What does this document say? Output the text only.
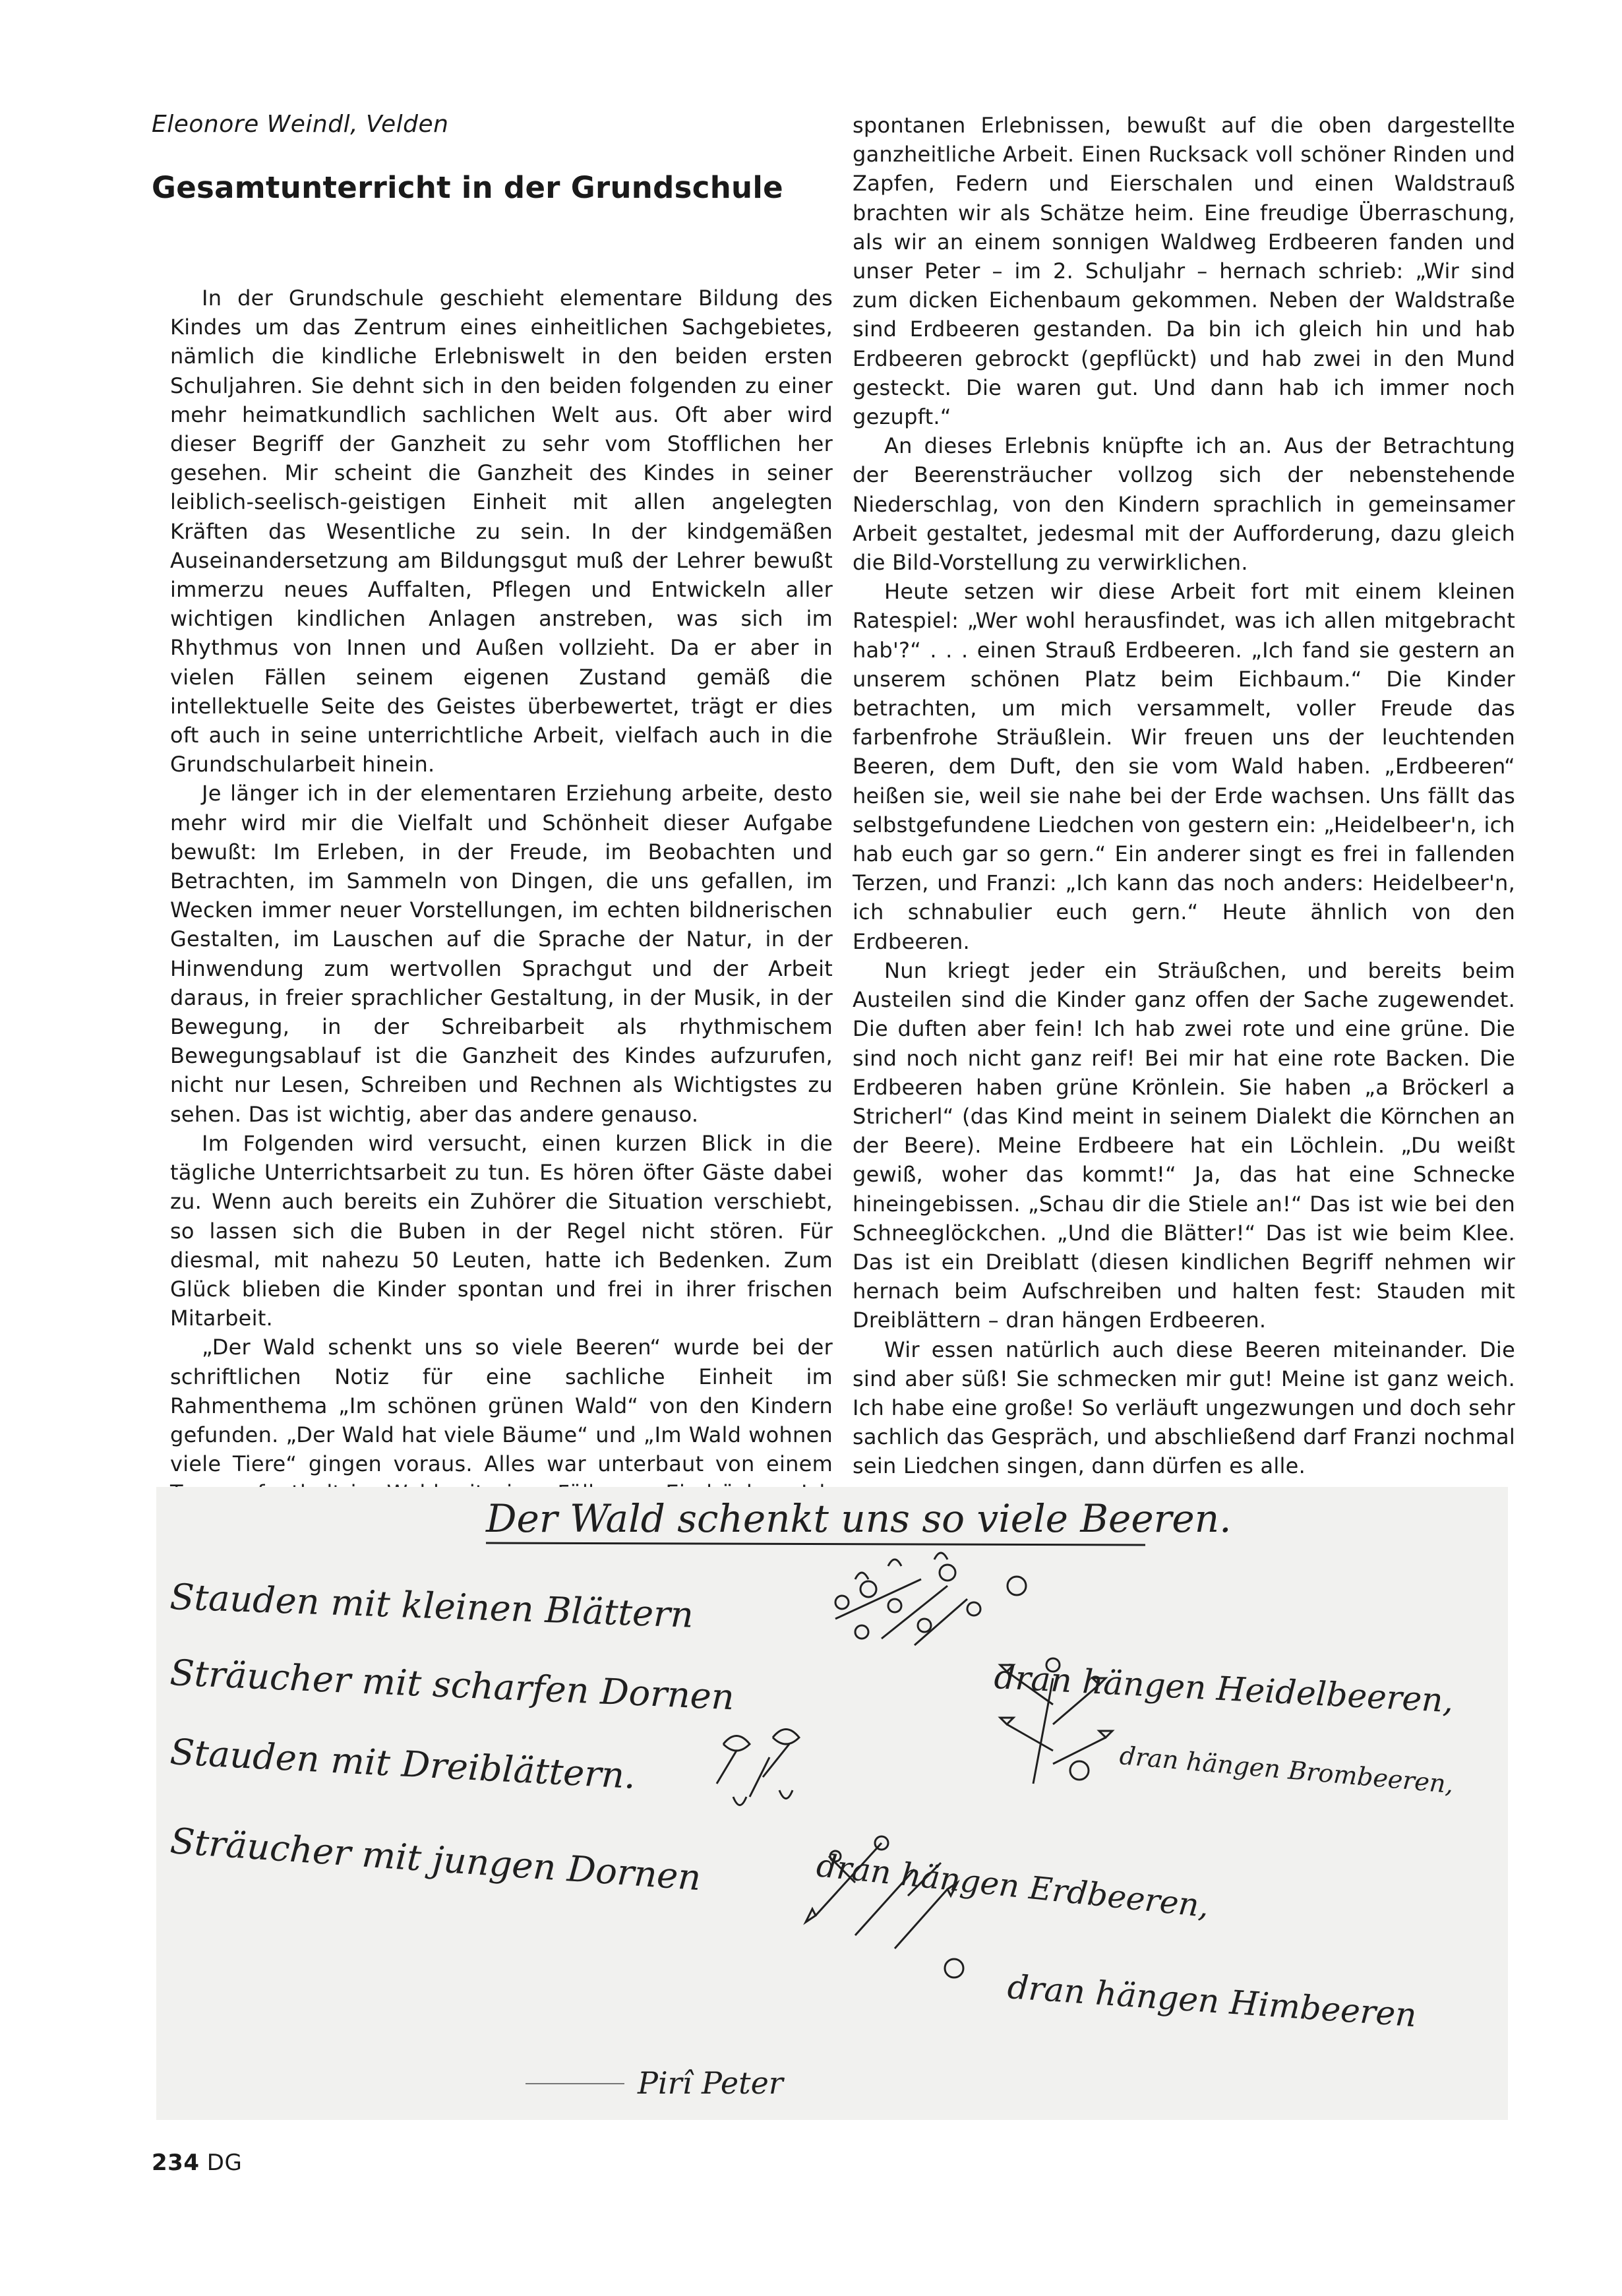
Eleonore Weindl, Velden
Gesamtunterricht in der Grundschule

In der Grundschule geschieht elementare Bildung des Kindes um das Zentrum eines einheitlichen Sachgebietes, nämlich die kindliche Erlebniswelt in den beiden ersten Schuljahren. Sie dehnt sich in den beiden folgenden zu einer mehr heimatkundlich sachlichen Welt aus. Oft aber wird dieser Begriff der Ganzheit zu sehr vom Stofflichen her gesehen. Mir scheint die Ganzheit des Kindes in seiner leiblich-seelisch-geistigen Einheit mit allen angelegten Kräften das Wesentliche zu sein. In der kindgemäßen Auseinandersetzung am Bildungsgut muß der Lehrer bewußt immerzu neues Auffalten, Pflegen und Entwickeln aller wichtigen kindlichen Anlagen anstreben, was sich im Rhythmus von Innen und Außen vollzieht. Da er aber in vielen Fällen seinem eigenen Zustand gemäß die intellektuelle Seite des Geistes überbewertet, trägt er dies oft auch in seine unterrichtliche Arbeit, vielfach auch in die Grundschularbeit hinein.

Je länger ich in der elementaren Erziehung arbeite, desto mehr wird mir die Vielfalt und Schönheit dieser Aufgabe bewußt: Im Erleben, in der Freude, im Beobachten und Betrachten, im Sammeln von Dingen, die uns gefallen, im Wecken immer neuer Vorstellungen, im echten bildnerischen Gestalten, im Lauschen auf die Sprache der Natur, in der Hinwendung zum wertvollen Sprachgut und der Arbeit daraus, in freier sprachlicher Gestaltung, in der Musik, in der Bewegung, in der Schreibarbeit als rhythmischem Bewegungsablauf ist die Ganzheit des Kindes aufzurufen, nicht nur Lesen, Schreiben und Rechnen als Wichtigstes zu sehen. Das ist wichtig, aber das andere genauso.

Im Folgenden wird versucht, einen kurzen Blick in die tägliche Unterrichtsarbeit zu tun. Es hören öfter Gäste dabei zu. Wenn auch bereits ein Zuhörer die Situation verschiebt, so lassen sich die Buben in der Regel nicht stören. Für diesmal, mit nahezu 50 Leuten, hatte ich Bedenken. Zum Glück blieben die Kinder spontan und frei in ihrer frischen Mitarbeit.

„Der Wald schenkt uns so viele Beeren“ wurde bei der schriftlichen Notiz für eine sachliche Einheit im Rahmenthema „Im schönen grünen Wald“ von den Kindern gefunden. „Der Wald hat viele Bäume“ und „Im Wald wohnen viele Tiere“ gingen voraus. Alles war unterbaut von einem

spontanen Erlebnissen, bewußt auf die oben dargestellte ganzheitliche Arbeit. Einen Rucksack voll schöner Rinden und Zapfen, Federn und Eierschalen und einen Waldstrauß brachten wir als Schätze heim. Eine freudige Überraschung, als wir an einem sonnigen Waldweg Erdbeeren fanden und unser Peter – im 2. Schuljahr – hernach schrieb: „Wir sind zum dicken Eichenbaum gekommen. Neben der Waldstraße sind Erdbeeren gestanden. Da bin ich gleich hin und hab Erdbeeren gebrockt (gepflückt) und hab zwei in den Mund gesteckt. Die waren gut. Und dann hab ich immer noch gezupft.“

An dieses Erlebnis knüpfte ich an. Aus der Betrachtung der Beerensträucher vollzog sich der nebenstehende Niederschlag, von den Kindern sprachlich in gemeinsamer Arbeit gestaltet, jedesmal mit der Aufforderung, dazu gleich die Bild-Vorstellung zu verwirklichen.

Heute setzen wir diese Arbeit fort mit einem kleinen Ratespiel: „Wer wohl herausfindet, was ich allen mitgebracht hab'?“ . . . einen Strauß Erdbeeren. „Ich fand sie gestern an unserem schönen Platz beim Eichbaum.“ Die Kinder betrachten, um mich versammelt, voller Freude das farbenfrohe Sträußlein. Wir freuen uns der leuchtenden Beeren, dem Duft, den sie vom Wald haben. „Erdbeeren“ heißen sie, weil sie nahe bei der Erde wachsen. Uns fällt das selbstgefundene Liedchen von gestern ein: „Heidelbeer'n, ich hab euch gar so gern.“ Ein anderer singt es frei in fallenden Terzen, und Franzi: „Ich kann das noch anders: Heidelbeer'n, ich schnabulier euch gern.“ Heute ähnlich von den Erdbeeren.

Nun kriegt jeder ein Sträußchen, und bereits beim Austeilen sind die Kinder ganz offen der Sache zugewendet. Die duften aber fein! Ich hab zwei rote und eine grüne. Die sind noch nicht ganz reif! Bei mir hat eine rote Backen. Die Erdbeeren haben grüne Krönlein. Sie haben „a Bröckerl a Stricherl“ (das Kind meint in seinem Dialekt die Körnchen an der Beere). Meine Erdbeere hat ein Löchlein. „Du weißt gewiß, woher das kommt!“ Ja, das hat eine Schnecke hineingebissen. „Schau dir die Stiele an!“ Das ist wie bei den Schneeglöckchen. „Und die Blätter!“ Das ist wie beim Klee. Das ist ein Dreiblatt (diesen kindlichen Begriff nehmen wir hernach beim Aufschreiben und halten fest: Stauden mit Dreiblättern – dran hängen Erdbeeren.

Wir essen natürlich auch diese Beeren miteinander. Die sind aber süß! Sie schmecken mir gut! Meine ist ganz weich. Ich habe eine große! So verläuft ungezwungen und doch sehr sachlich das Gespräch, und abschließend darf Franzi nochmal sein Liedchen singen, dann dürfen es alle.

Der Wald schenkt uns so viele Beeren.
Stauden mit kleinen Blättern
Sträucher mit scharfen Dornen
Stauden mit Dreiblättern.
Sträucher mit jungen Dornen
dran hängen Heidelbeeren,
dran hängen Brombeeren,
dran hängen Erdbeeren,
dran hängen Himbeeren
Pirî Peter
234 DG
